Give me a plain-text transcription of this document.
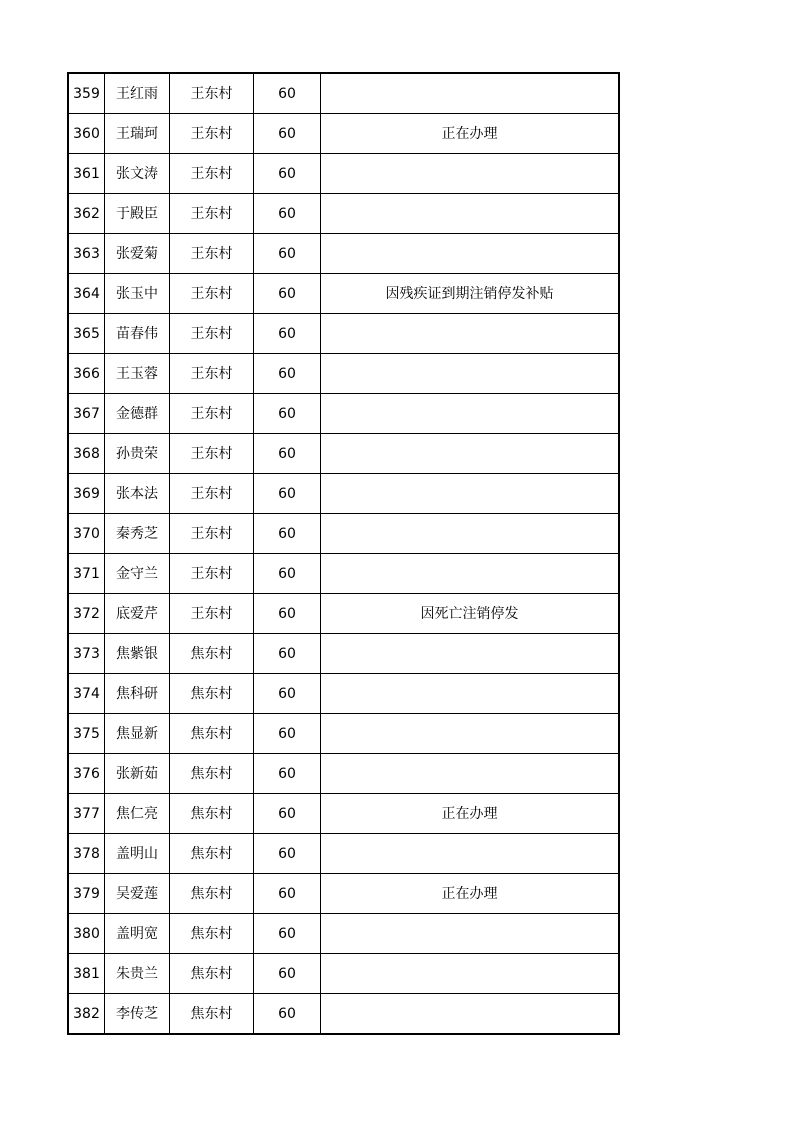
359	王红雨	王东村	60	
360	王瑞珂	王东村	60	正在办理
361	张文涛	王东村	60	
362	于殿臣	王东村	60	
363	张爱菊	王东村	60	
364	张玉中	王东村	60	因残疾证到期注销停发补贴
365	苗春伟	王东村	60	
366	王玉蓉	王东村	60	
367	金德群	王东村	60	
368	孙贵荣	王东村	60	
369	张本法	王东村	60	
370	秦秀芝	王东村	60	
371	金守兰	王东村	60	
372	底爱芹	王东村	60	因死亡注销停发
373	焦紫银	焦东村	60	
374	焦科研	焦东村	60	
375	焦显新	焦东村	60	
376	张新茹	焦东村	60	
377	焦仁亮	焦东村	60	正在办理
378	盖明山	焦东村	60	
379	吴爱莲	焦东村	60	正在办理
380	盖明宽	焦东村	60	
381	朱贵兰	焦东村	60	
382	李传芝	焦东村	60	
